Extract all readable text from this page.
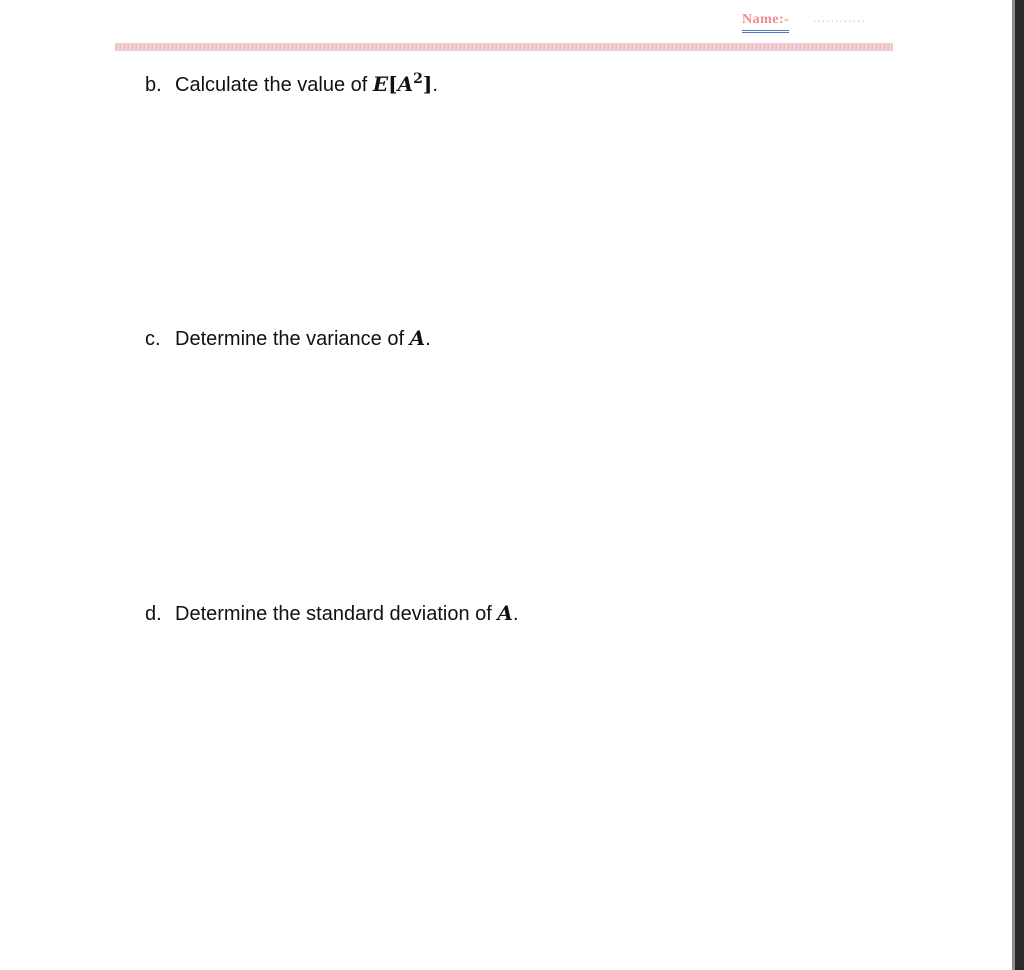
Name:-	............
b. Calculate the value of $E[A^2]$.
c. Determine the variance of A.
d. Determine the standard deviation of A.
